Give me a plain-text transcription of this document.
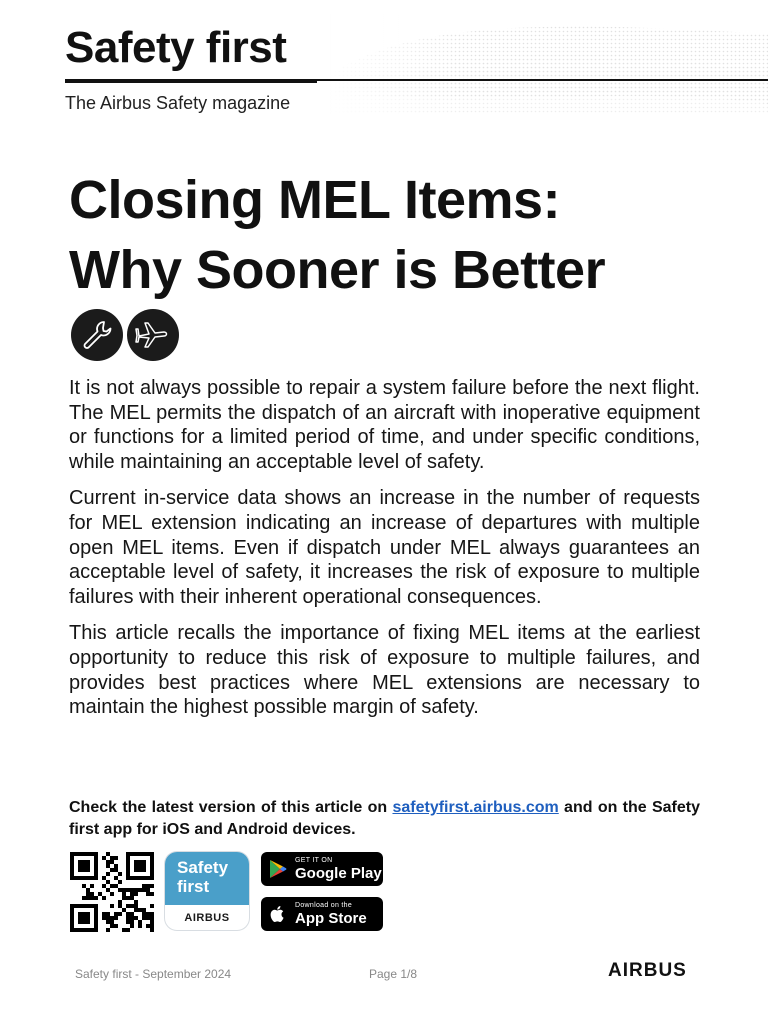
Safety first
The Airbus Safety magazine
Closing MEL Items:
Why Sooner is Better

It is not always possible to repair a system failure before the next flight. The MEL permits the dispatch of an aircraft with inoperative equipment or functions for a limited period of time, and under specific conditions, while maintaining an acceptable level of safety.

Current in-service data shows an increase in the number of requests for MEL extension indicating an increase of departures with multiple open MEL items. Even if dispatch under MEL always guarantees an acceptable level of safety, it increases the risk of exposure to multiple failures with their inherent operational consequences.

This article recalls the importance of fixing MEL items at the earliest opportunity to reduce this risk of exposure to multiple failures, and provides best practices where MEL extensions are necessary to maintain the highest possible margin of safety.

Check the latest version of this article on safetyfirst.airbus.com and on the Safety first app for iOS and Android devices.
Safety
first
AIRBUS
GET IT ON
Google Play
Download on the
App Store
Safety first - September 2024	Page 1/8	AIRBUS
